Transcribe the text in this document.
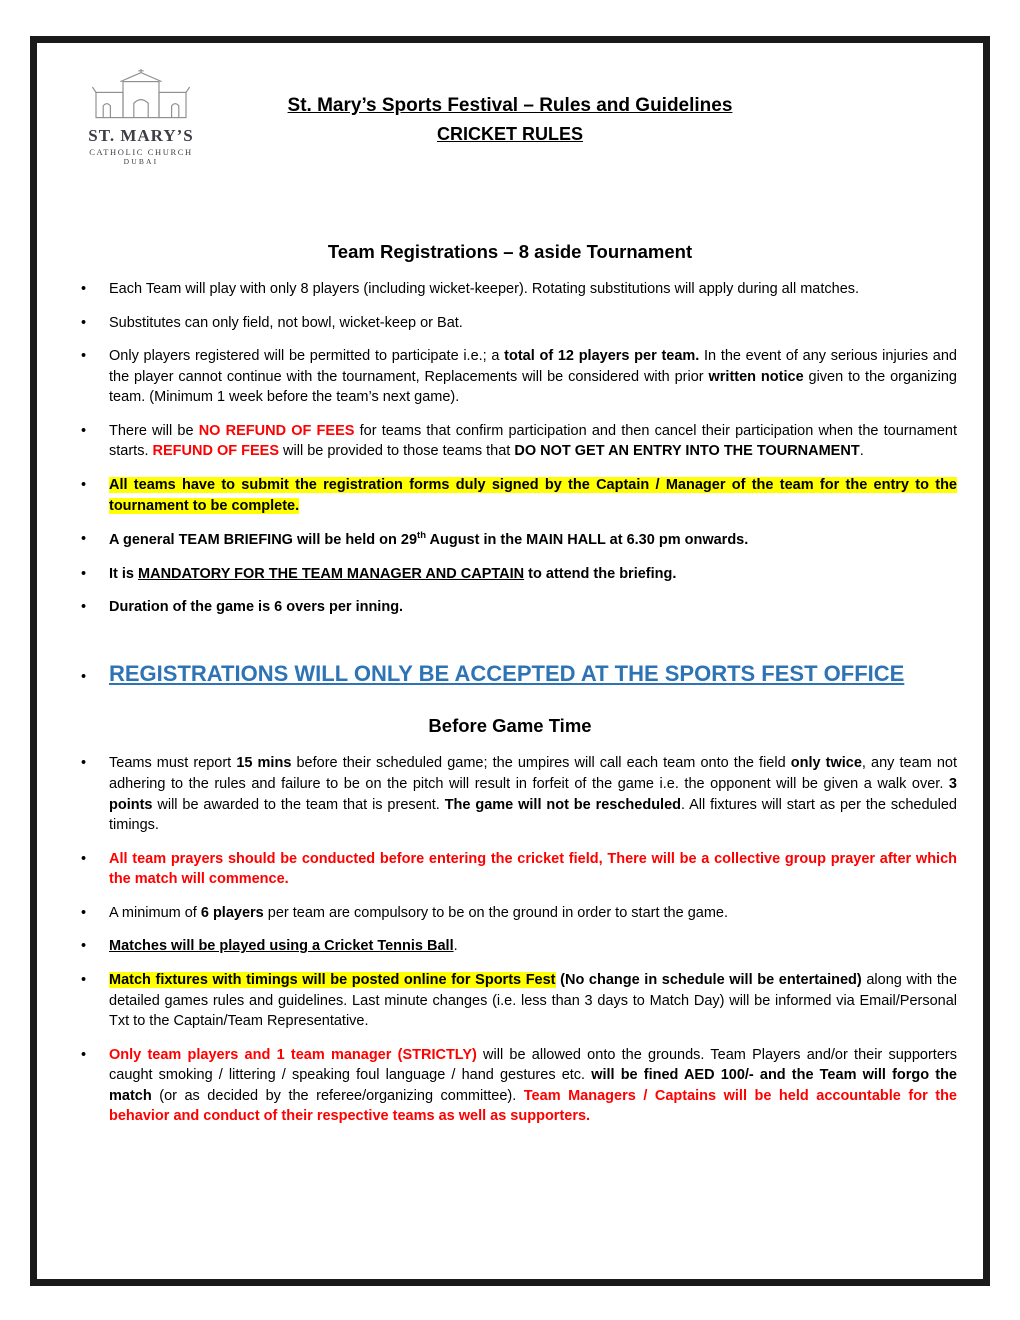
ST. MARY’S
CATHOLIC CHURCH
DUBAI
St. Mary’s Sports Festival – Rules and Guidelines
CRICKET RULES
Team Registrations – 8 aside Tournament
• Each Team will play with only 8 players (including wicket-keeper). Rotating substitutions will apply during all matches.
• Substitutes can only field, not bowl, wicket-keep or Bat.
• Only players registered will be permitted to participate i.e.; a total of 12 players per team. In the event of any serious injuries and the player cannot continue with the tournament, Replacements will be considered with prior written notice given to the organizing team. (Minimum 1 week before the team’s next game).
• There will be NO REFUND OF FEES for teams that confirm participation and then cancel their participation when the tournament starts. REFUND OF FEES will be provided to those teams that DO NOT GET AN ENTRY INTO THE TOURNAMENT.
• All teams have to submit the registration forms duly signed by the Captain / Manager of the team for the entry to the tournament to be complete.
• A general TEAM BRIEFING will be held on 29th August in the MAIN HALL at 6.30 pm onwards.
• It is MANDATORY FOR THE TEAM MANAGER AND CAPTAIN to attend the briefing.
• Duration of the game is 6 overs per inning.
• REGISTRATIONS WILL ONLY BE ACCEPTED AT THE SPORTS FEST OFFICE
Before Game Time
• Teams must report 15 mins before their scheduled game; the umpires will call each team onto the field only twice, any team not adhering to the rules and failure to be on the pitch will result in forfeit of the game i.e. the opponent will be given a walk over. 3 points will be awarded to the team that is present. The game will not be rescheduled. All fixtures will start as per the scheduled timings.
• All team prayers should be conducted before entering the cricket field, There will be a collective group prayer after which the match will commence.
• A minimum of 6 players per team are compulsory to be on the ground in order to start the game.
• Matches will be played using a Cricket Tennis Ball.
• Match fixtures with timings will be posted online for Sports Fest (No change in schedule will be entertained) along with the detailed games rules and guidelines. Last minute changes (i.e. less than 3 days to Match Day) will be informed via Email/Personal Txt to the Captain/Team Representative.
• Only team players and 1 team manager (STRICTLY) will be allowed onto the grounds. Team Players and/or their supporters caught smoking / littering / speaking foul language / hand gestures etc. will be fined AED 100/- and the Team will forgo the match (or as decided by the referee/organizing committee). Team Managers / Captains will be held accountable for the behavior and conduct of their respective teams as well as supporters.
